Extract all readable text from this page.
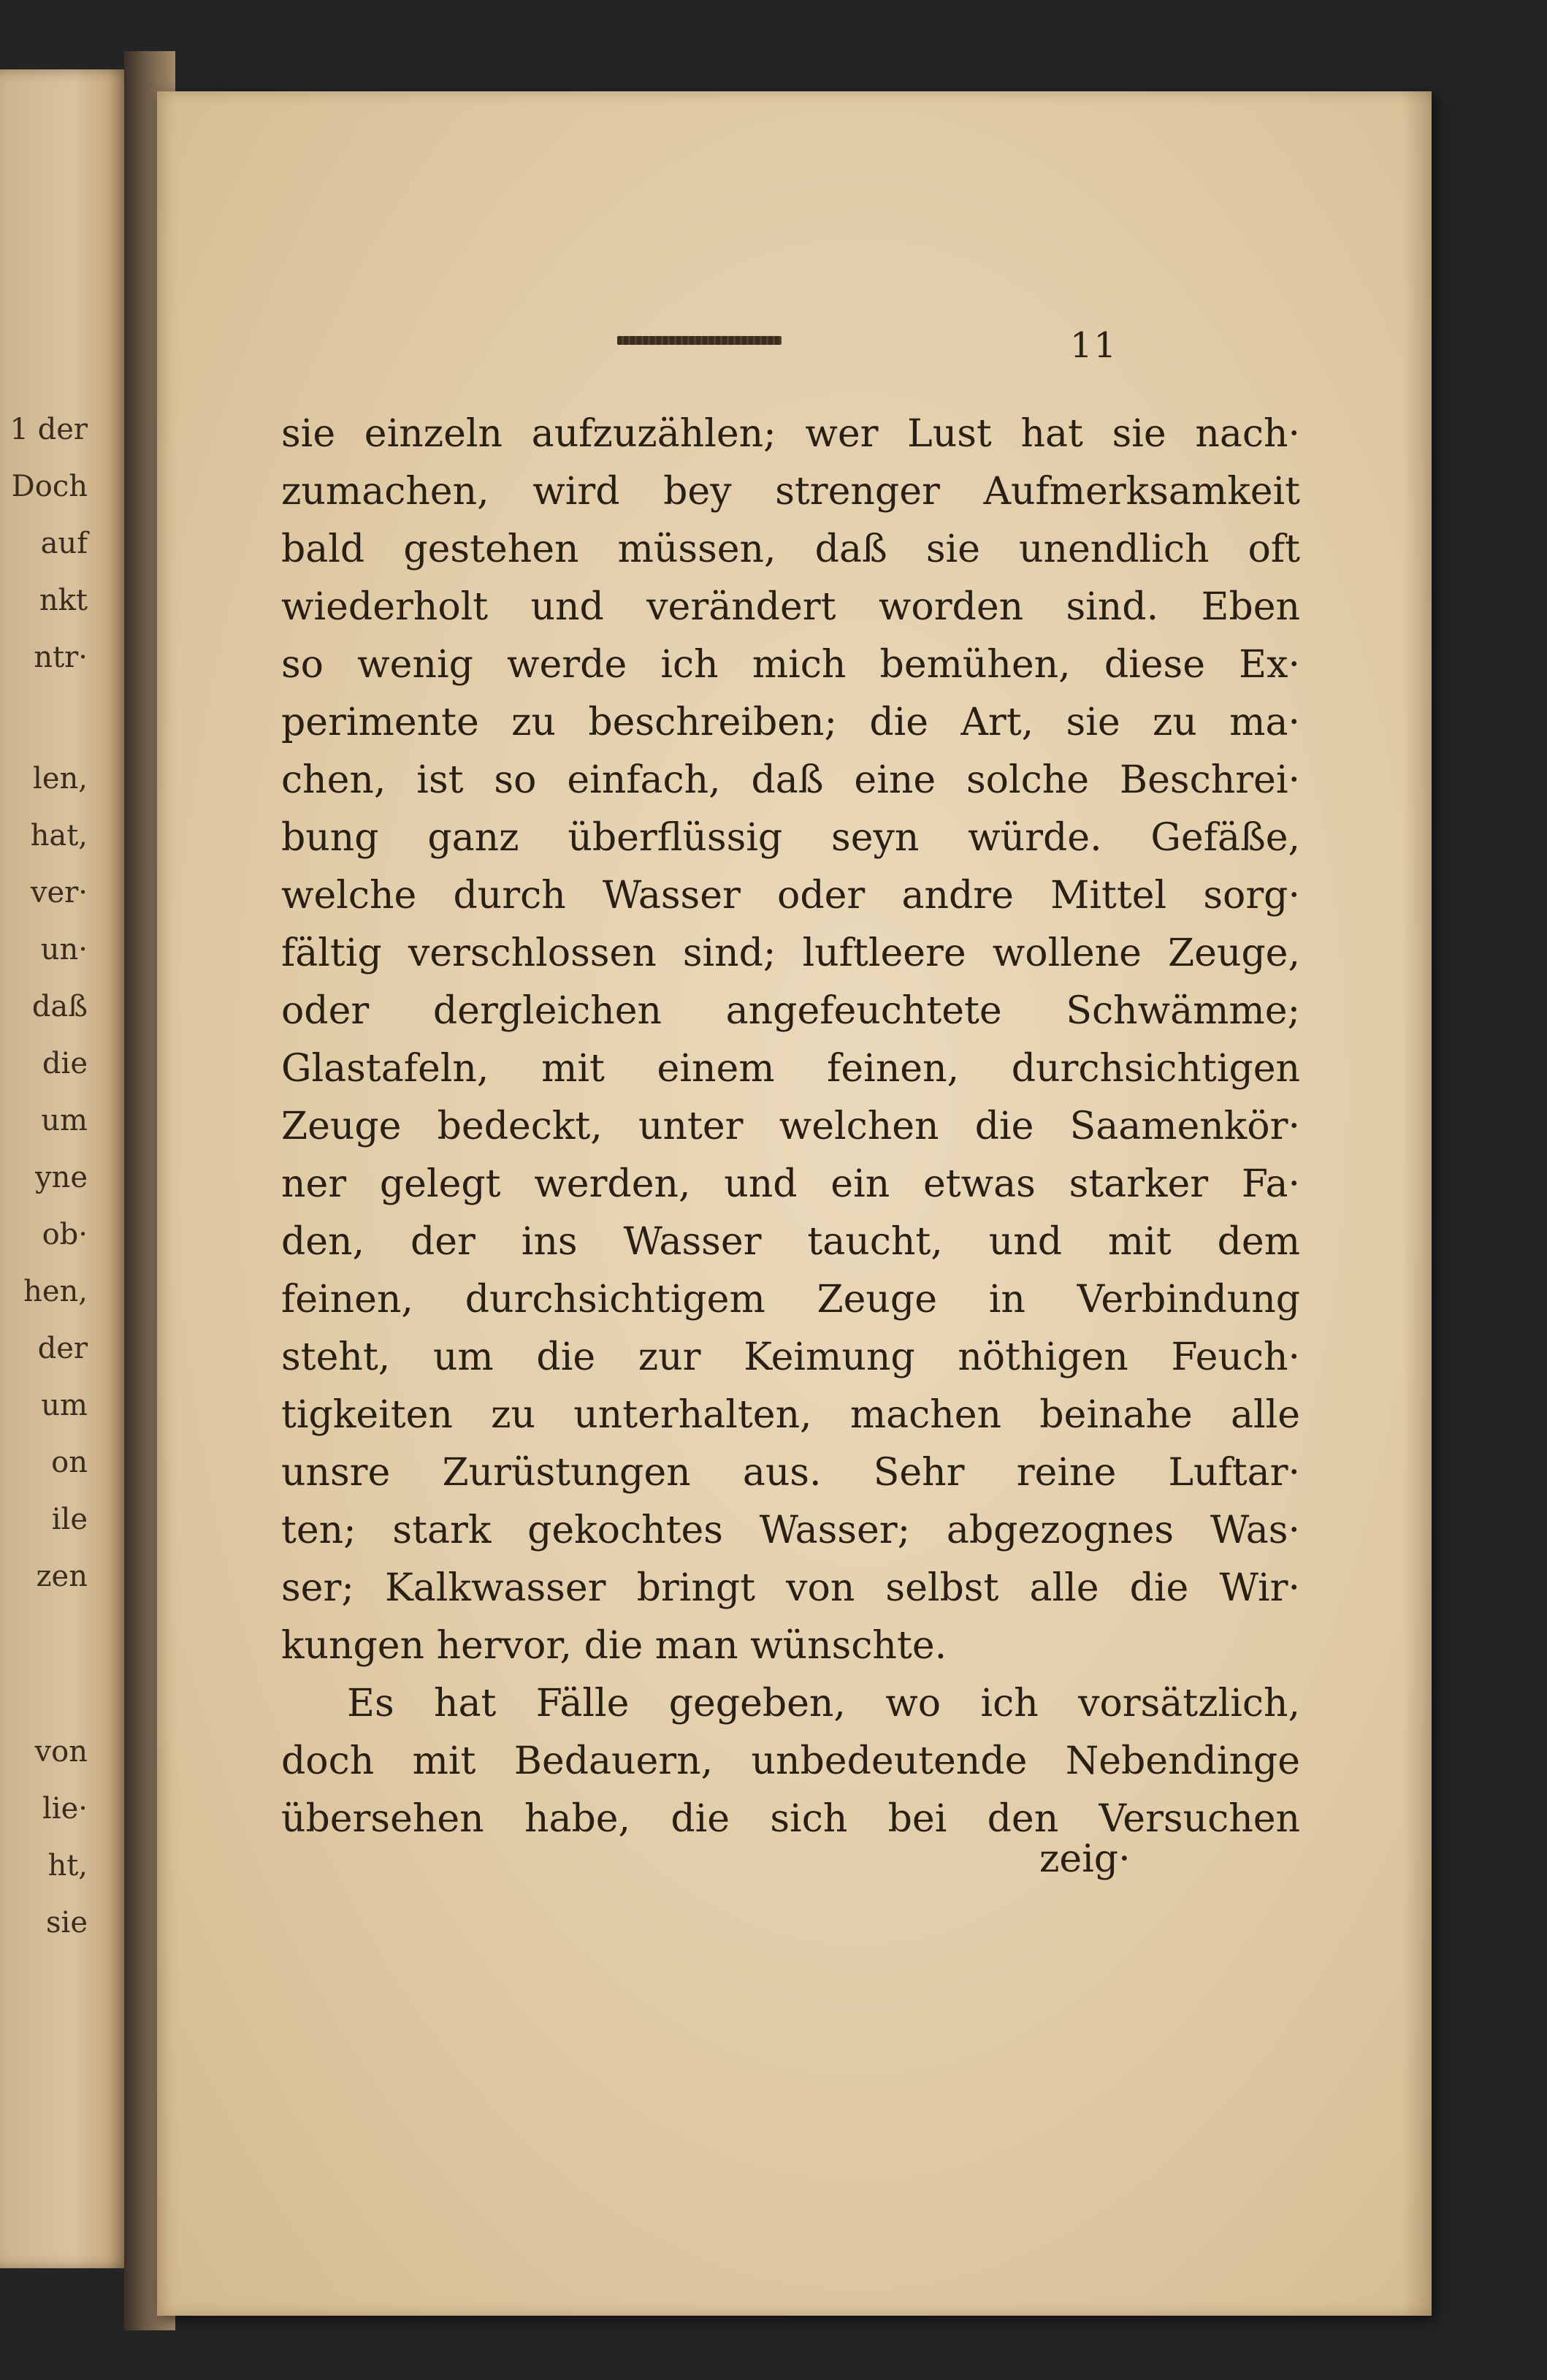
1 der
Doch
auf
nkt
ntr·
len,
hat,
ver·
un·
daß
die
um
yne
ob·
hen,
der
um
on
ile
zen
von
lie·
ht,
sie
11
sie einzeln aufzuzählen; wer Lust hat sie nach·
zumachen, wird bey strenger Aufmerksamkeit
bald gestehen müssen, daß sie unendlich oft
wiederholt und verändert worden sind. Eben
so wenig werde ich mich bemühen, diese Ex·
perimente zu beschreiben; die Art, sie zu ma·
chen, ist so einfach, daß eine solche Beschrei·
bung ganz überflüssig seyn würde. Gefäße,
welche durch Wasser oder andre Mittel sorg·
fältig verschlossen sind; luftleere wollene Zeuge,
oder dergleichen angefeuchtete Schwämme;
Glastafeln, mit einem feinen, durchsichtigen
Zeuge bedeckt, unter welchen die Saamenkör·
ner gelegt werden, und ein etwas starker Fa·
den, der ins Wasser taucht, und mit dem
feinen, durchsichtigem Zeuge in Verbindung
steht, um die zur Keimung nöthigen Feuch·
tigkeiten zu unterhalten, machen beinahe alle
unsre Zurüstungen aus. Sehr reine Luftar·
ten; stark gekochtes Wasser; abgezognes Was·
ser; Kalkwasser bringt von selbst alle die Wir·
kungen hervor, die man wünschte.
Es hat Fälle gegeben, wo ich vorsätzlich,
doch mit Bedauern, unbedeutende Nebendinge
übersehen habe, die sich bei den Versuchen
zeig·
